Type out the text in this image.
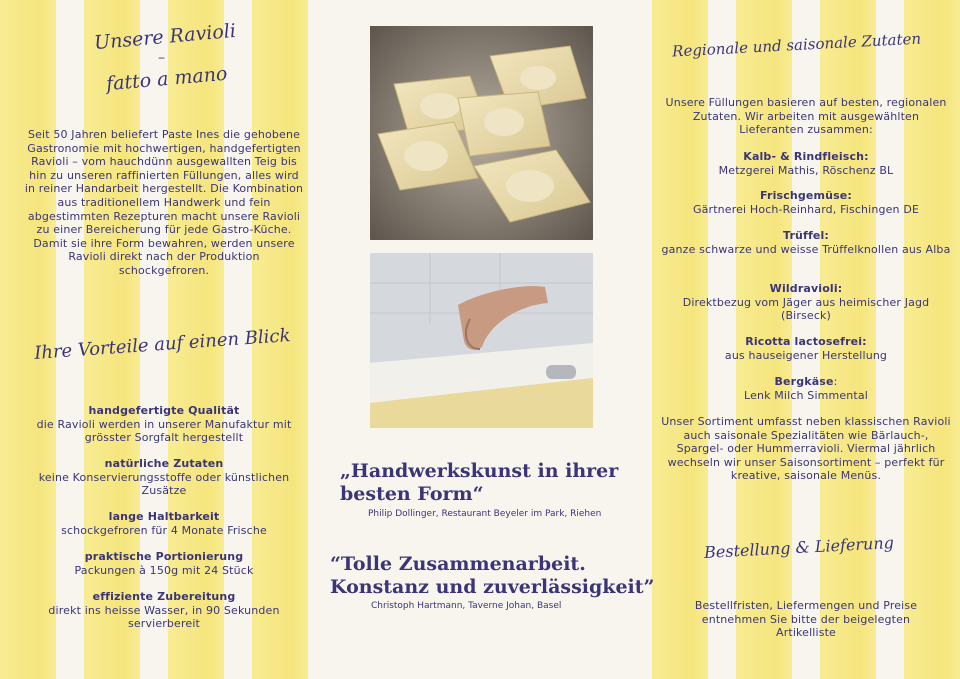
Unsere Ravioli
–
fatto a mano
Seit 50 Jahren beliefert Paste Ines die gehobene Gastronomie mit hochwertigen, handgefertigten Ravioli – vom hauchdünn ausgewallten Teig bis hin zu unseren raffinierten Füllungen, alles wird in reiner Handarbeit hergestellt. Die Kombination aus traditionellem Handwerk und fein abgestimmten Rezepturen macht unsere Ravioli zu einer Bereicherung für jede Gastro-Küche. Damit sie ihre Form bewahren, werden unsere Ravioli direkt nach der Produktion schockgefroren.
Ihre Vorteile auf einen Blick
handgefertigte Qualität
die Ravioli werden in unserer Manufaktur mit grösster Sorgfalt hergestellt
natürliche Zutaten
keine Konservierungsstoffe oder künstlichen Zusätze
lange Haltbarkeit
schockgefroren für 4 Monate Frische
praktische Portionierung
Packungen à 150g mit 24 Stück
effiziente Zubereitung
direkt ins heisse Wasser, in 90 Sekunden servierbereit
„Handwerkskunst in ihrer
besten Form“
Philip Dollinger, Restaurant Beyeler im Park, Riehen
“Tolle Zusammenarbeit.
Konstanz und zuverlässigkeit”
Christoph Hartmann, Taverne Johan, Basel
Regionale und saisonale Zutaten
Unsere Füllungen basieren auf besten, regionalen Zutaten. Wir arbeiten mit ausgewählten Lieferanten zusammen:
Kalb- & Rindfleisch:
Metzgerei Mathis, Röschenz BL
Frischgemüse:
Gärtnerei Hoch-Reinhard, Fischingen DE
Trüffel:
ganze schwarze und weisse Trüffelknollen aus Alba
Wildravioli:
Direktbezug vom Jäger aus heimischer Jagd (Birseck)
Ricotta lactosefrei:
aus hauseigener Herstellung
Bergkäse:
Lenk Milch Simmental
Unser Sortiment umfasst neben klassischen Ravioli auch saisonale Spezialitäten wie Bärlauch-, Spargel- oder Hummerravioli. Viermal jährlich wechseln wir unser Saisonsortiment – perfekt für kreative, saisonale Menüs.
Bestellung & Lieferung
Bestellfristen, Liefermengen und Preise entnehmen Sie bitte der beigelegten Artikelliste
